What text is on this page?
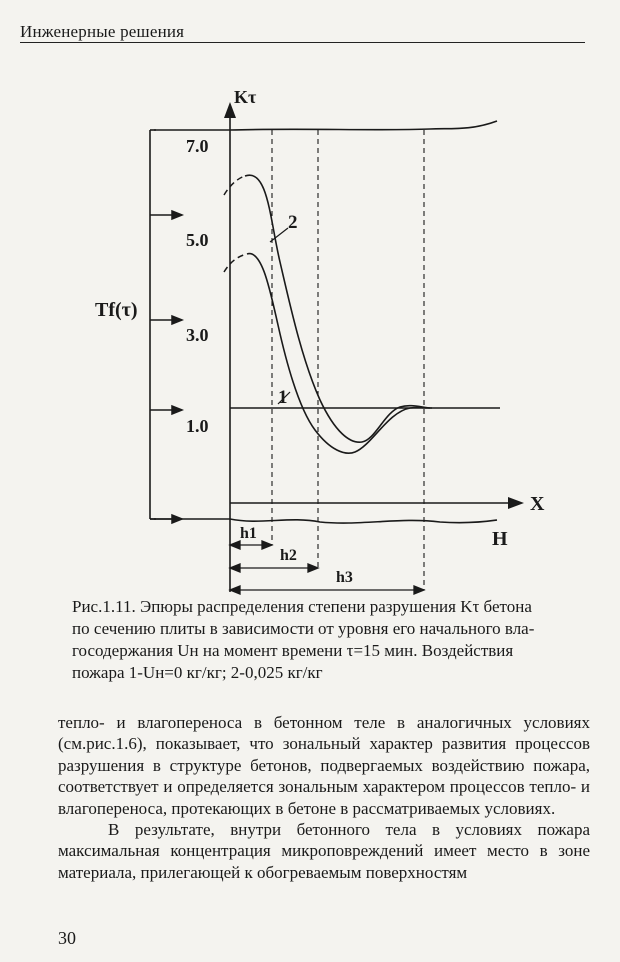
Инженерные решения
Kτ
Tf(τ)
7.0
5.0
3.0
1.0
X
H
2
1
h1
h2
h3
Рис.1.11. Эпюры распределения степени разрушения Kτ бетона
по сечению плиты в зависимости от уровня его начального вла-
госодержания Uн на момент времени τ=15 мин. Воздействия
пожара 1-Uн=0 кг/кг; 2-0,025 кг/кг

тепло- и влагопереноса в бетонном теле в аналогичных условиях (см.рис.1.6), показывает, что зональный характер развития процессов разрушения в структуре бетонов, подвергаемых воздействию пожара, соответствует и определяется зональным характером процессов тепло- и влагопереноса, протекающих в бетоне в рассматриваемых условиях.

В результате, внутри бетонного тела в условиях пожара максимальная концентрация микроповреждений имеет место в зоне материала, прилегающей к обогреваемым поверхностям

30
